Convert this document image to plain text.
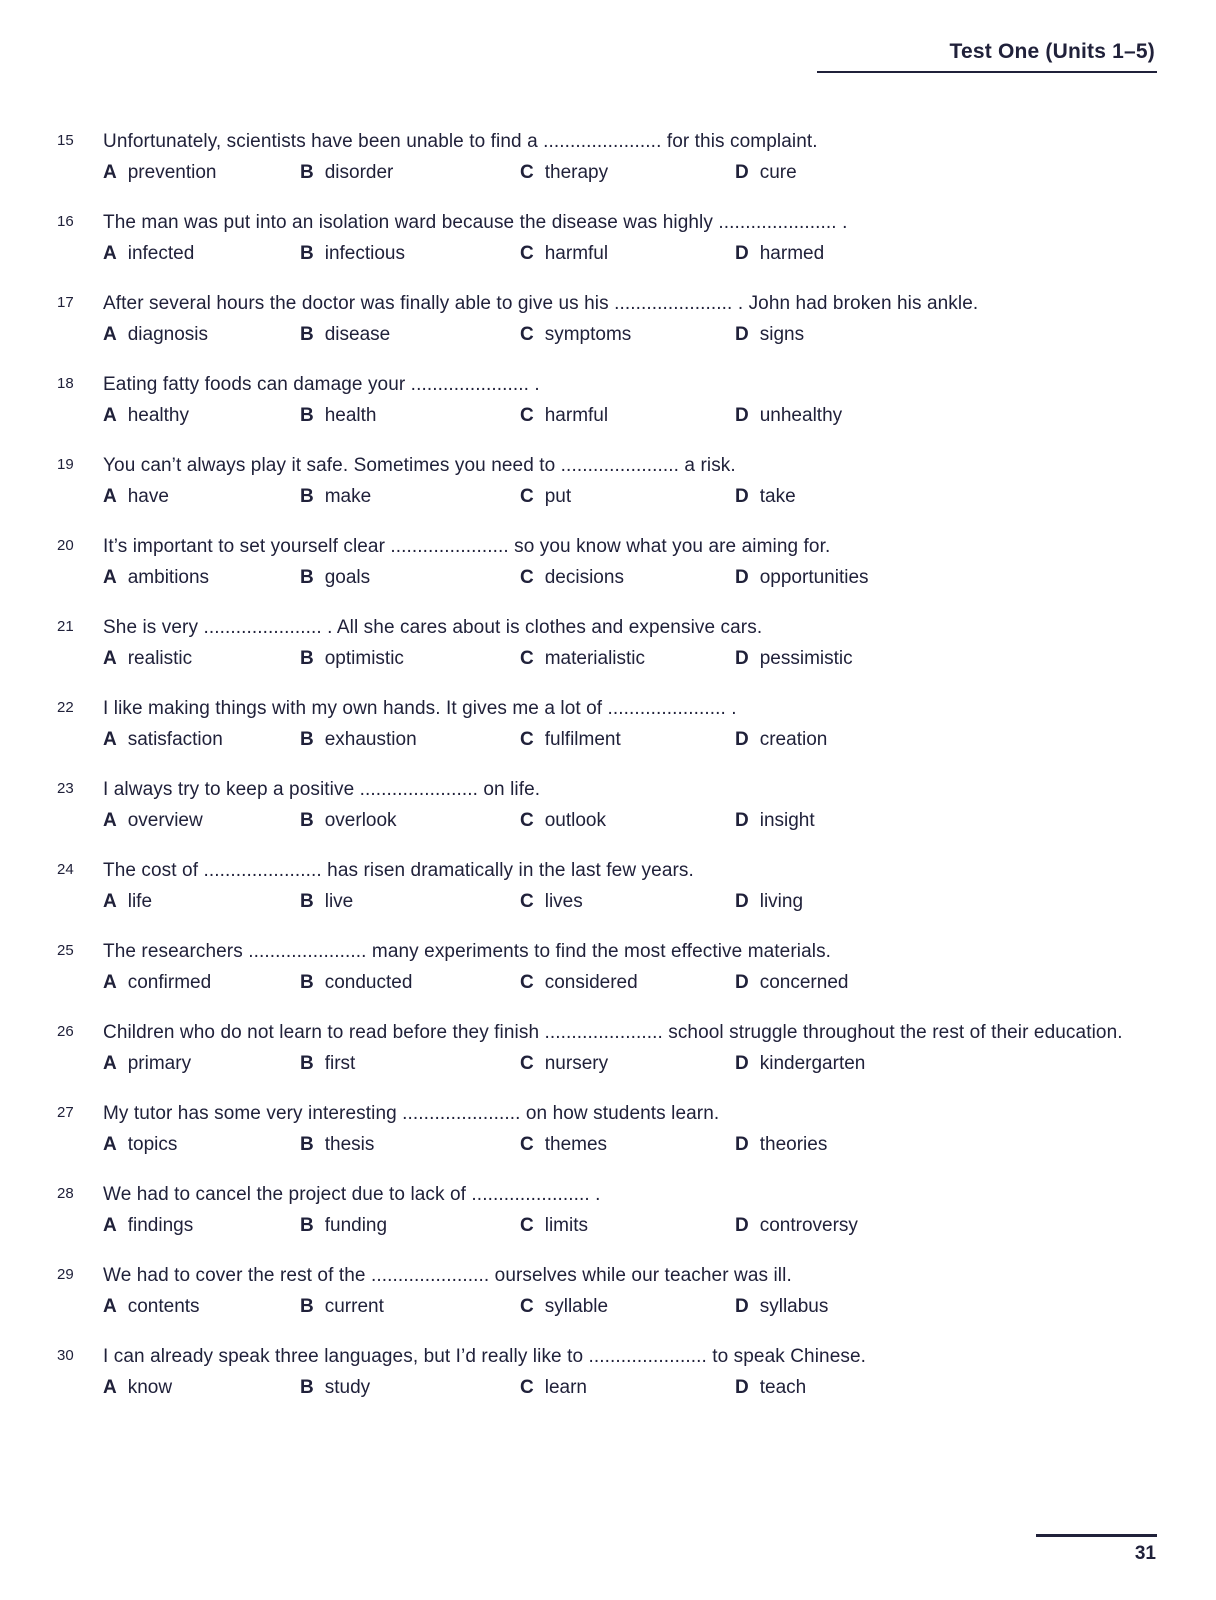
Test One (Units 1–5)
15	Unfortunately, scientists have been unable to find a ...................... for this complaint.

A prevention	B disorder	C therapy	D cure
16	The man was put into an isolation ward because the disease was highly ...................... .

A infected	B infectious	C harmful	D harmed
17	After several hours the doctor was finally able to give us his ...................... . John had broken his ankle.

A diagnosis	B disease	C symptoms	D signs
18	Eating fatty foods can damage your ...................... .

A healthy	B health	C harmful	D unhealthy
19	You can’t always play it safe. Sometimes you need to ...................... a risk.

A have	B make	C put	D take
20	It’s important to set yourself clear ...................... so you know what you are aiming for.

A ambitions	B goals	C decisions	D opportunities
21	She is very ...................... . All she cares about is clothes and expensive cars.

A realistic	B optimistic	C materialistic	D pessimistic
22	I like making things with my own hands. It gives me a lot of ...................... .

A satisfaction	B exhaustion	C fulfilment	D creation
23	I always try to keep a positive ...................... on life.

A overview	B overlook	C outlook	D insight
24	The cost of ...................... has risen dramatically in the last few years.

A life	B live	C lives	D living
25	The researchers ...................... many experiments to find the most effective materials.

A confirmed	B conducted	C considered	D concerned
26	Children who do not learn to read before they finish ...................... school struggle throughout the rest of their education.

A primary	B first	C nursery	D kindergarten
27	My tutor has some very interesting ...................... on how students learn.

A topics	B thesis	C themes	D theories
28	We had to cancel the project due to lack of ...................... .

A findings	B funding	C limits	D controversy
29	We had to cover the rest of the ...................... ourselves while our teacher was ill.

A contents	B current	C syllable	D syllabus
30	I can already speak three languages, but I’d really like to ...................... to speak Chinese.

A know	B study	C learn	D teach
31
